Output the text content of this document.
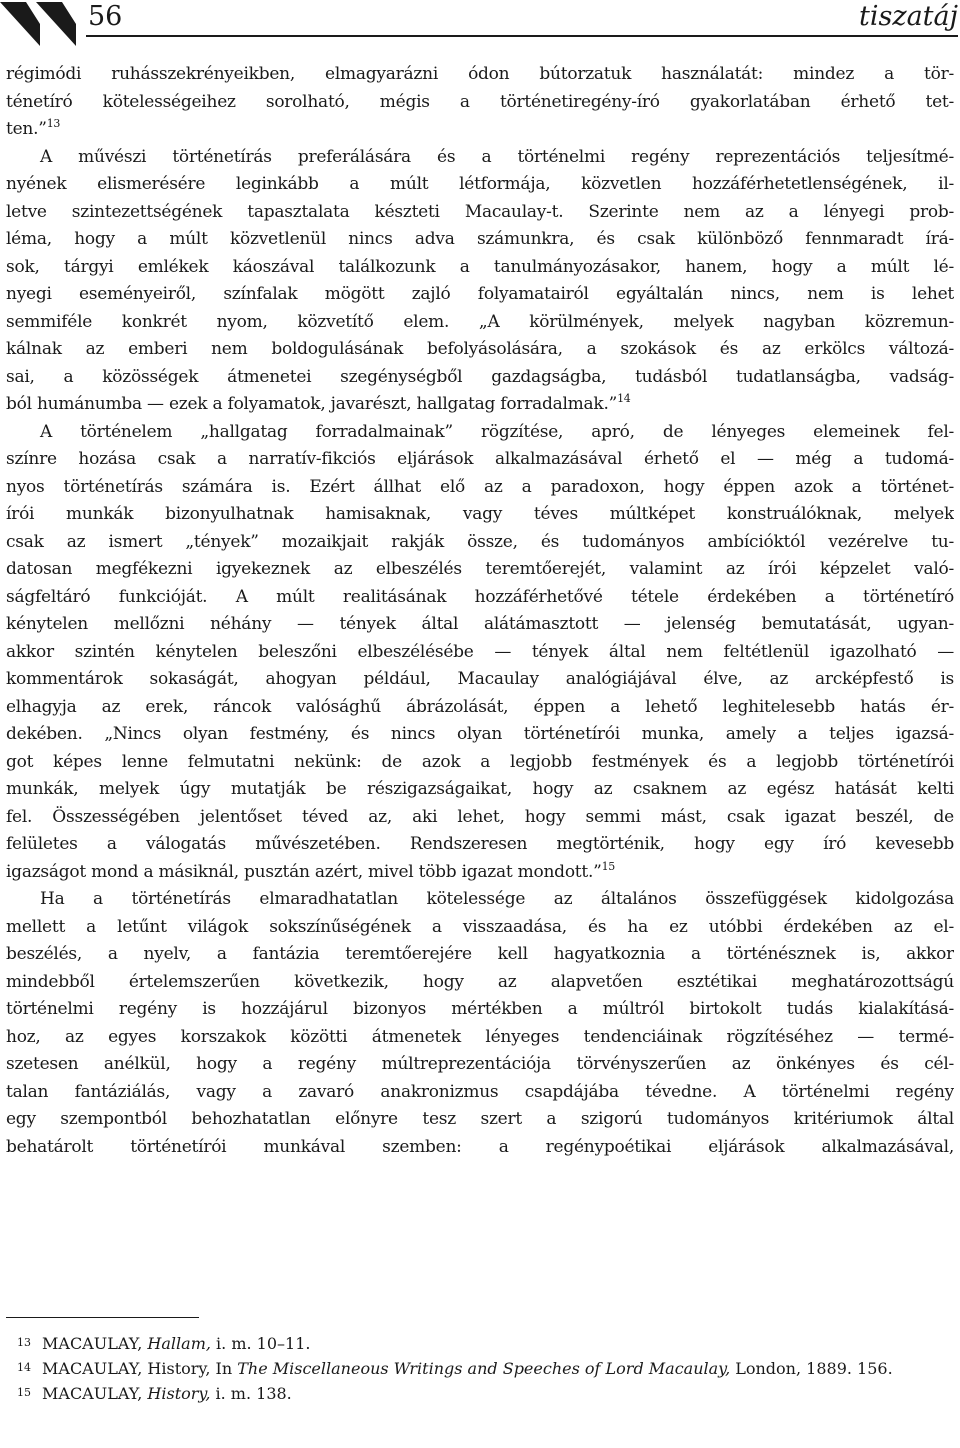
56	tiszatáj
régimódi ruhásszekrényeikben, elmagyarázni ódon bútorzatuk használatát: mindez a tör-
ténetíró kötelességeihez sorolható, mégis a történetiregény-író gyakorlatában érhető tet-
ten.”$^{13}$
A művészi történetírás preferálására és a történelmi regény reprezentációs teljesítmé-
nyének elismerésére leginkább a múlt létformája, közvetlen hozzáférhetetlenségének, il-
letve szintezettségének tapasztalata készteti Macaulay-t. Szerinte nem az a lényegi prob-
léma, hogy a múlt közvetlenül nincs adva számunkra, és csak különböző fennmaradt írá-
sok, tárgyi emlékek káoszával találkozunk a tanulmányozásakor, hanem, hogy a múlt lé-
nyegi eseményeiről, színfalak mögött zajló folyamatairól egyáltalán nincs, nem is lehet
semmiféle konkrét nyom, közvetítő elem. „A körülmények, melyek nagyban közremun-
kálnak az emberi nem boldogulásának befolyásolására, a szokások és az erkölcs változá-
sai, a közösségek átmenetei szegénységből gazdagságba, tudásból tudatlanságba, vadság-
ból humánumba — ezek a folyamatok, javarészt, hallgatag forradalmak.”$^{14}$
A történelem „hallgatag forradalmainak” rögzítése, apró, de lényeges elemeinek fel-
színre hozása csak a narratív-fikciós eljárások alkalmazásával érhető el — még a tudomá-
nyos történetírás számára is. Ezért állhat elő az a paradoxon, hogy éppen azok a történet-
írói munkák bizonyulhatnak hamisaknak, vagy téves múltképet konstruálóknak, melyek
csak az ismert „tények” mozaikjait rakják össze, és tudományos ambícióktól vezérelve tu-
datosan megfékezni igyekeznek az elbeszélés teremtőerejét, valamint az írói képzelet való-
ságfeltáró funkcióját. A múlt realitásának hozzáférhetővé tétele érdekében a történetíró
kénytelen mellőzni néhány — tények által alátámasztott — jelenség bemutatását, ugyan-
akkor szintén kénytelen beleszőni elbeszélésébe — tények által nem feltétlenül igazolható —
kommentárok sokaságát, ahogyan például, Macaulay analógiájával élve, az arcképfestő is
elhagyja az erek, ráncok valósághű ábrázolását, éppen a lehető leghitelesebb hatás ér-
dekében. „Nincs olyan festmény, és nincs olyan történetírói munka, amely a teljes igazsá-
got képes lenne felmutatni nekünk: de azok a legjobb festmények és a legjobb történetírói
munkák, melyek úgy mutatják be részigazságaikat, hogy az csaknem az egész hatását kelti
fel. Összességében jelentőset téved az, aki lehet, hogy semmi mást, csak igazat beszél, de
felületes a válogatás művészetében. Rendszeresen megtörténik, hogy egy író kevesebb
igazságot mond a másiknál, pusztán azért, mivel több igazat mondott.”$^{15}$
Ha a történetírás elmaradhatatlan kötelessége az általános összefüggések kidolgozása
mellett a letűnt világok sokszínűségének a visszaadása, és ha ez utóbbi érdekében az el-
beszélés, a nyelv, a fantázia teremtőerejére kell hagyatkoznia a történésznek is, akkor
mindebből értelemszerűen következik, hogy az alapvetően esztétikai meghatározottságú
történelmi regény is hozzájárul bizonyos mértékben a múltról birtokolt tudás kialakításá-
hoz, az egyes korszakok közötti átmenetek lényeges tendenciáinak rögzítéséhez — termé-
szetesen anélkül, hogy a regény múltreprezentációja törvényszerűen az önkényes és cél-
talan fantáziálás, vagy a zavaró anakronizmus csapdájába tévedne. A történelmi regény
egy szempontból behozhatatlan előnyre tesz szert a szigorú tudományos kritériumok által
behatárolt történetírói munkával szemben: a regénypoétikai eljárások alkalmazásával,
13 MACAULAY, Hallam, i. m. 10–11.
14 MACAULAY, History, In The Miscellaneous Writings and Speeches of Lord Macaulay, London, 1889. 156.
15 MACAULAY, History, i. m. 138.
